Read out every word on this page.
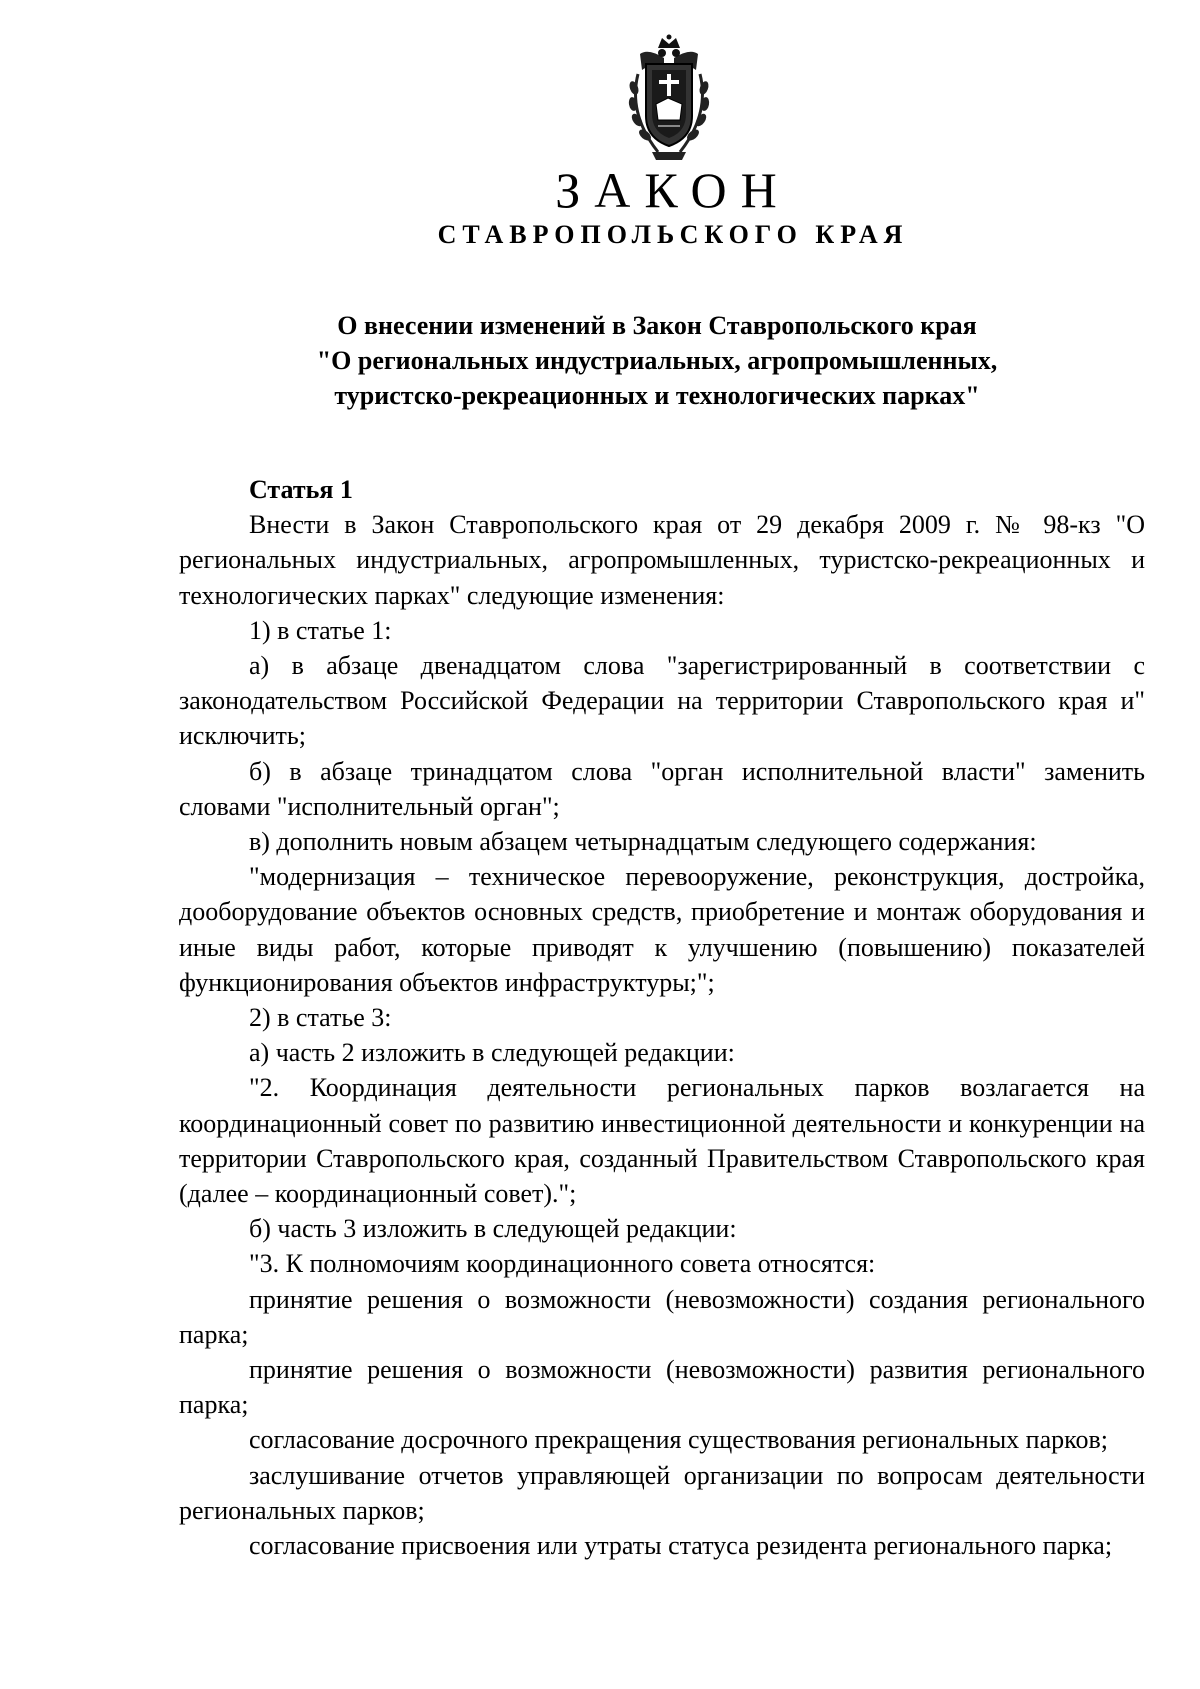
ЗАКОН
СТАВРОПОЛЬСКОГО КРАЯ
О внесении изменений в Закон Ставропольского края
"О региональных индустриальных, агропромышленных,
туристско-рекреационных и технологических парках"

Статья 1

Внести в Закон Ставропольского края от 29 декабря 2009 г. № 98-кз "О региональных индустриальных, агропромышленных, туристско-рекреационных и технологических парках" следующие изменения:

1) в статье 1:

а) в абзаце двенадцатом слова "зарегистрированный в соответствии с законодательством Российской Федерации на территории Ставропольского края и" исключить;

б) в абзаце тринадцатом слова "орган исполнительной власти" заменить словами "исполнительный орган";

в) дополнить новым абзацем четырнадцатым следующего содержания:

"модернизация – техническое перевооружение, реконструкция, достройка, дооборудование объектов основных средств, приобретение и монтаж оборудования и иные виды работ, которые приводят к улучшению (повышению) показателей функционирования объектов инфраструктуры;";

2) в статье 3:

а) часть 2 изложить в следующей редакции:

"2. Координация деятельности региональных парков возлагается на координационный совет по развитию инвестиционной деятельности и конкуренции на территории Ставропольского края, созданный Правительством Ставропольского края (далее – координационный совет).";

б) часть 3 изложить в следующей редакции:

"3. К полномочиям координационного совета относятся:

принятие решения о возможности (невозможности) создания регионального парка;

принятие решения о возможности (невозможности) развития регионального парка;

согласование досрочного прекращения существования региональных парков;

заслушивание отчетов управляющей организации по вопросам деятельности региональных парков;

согласование присвоения или утраты статуса резидента регионального парка;
